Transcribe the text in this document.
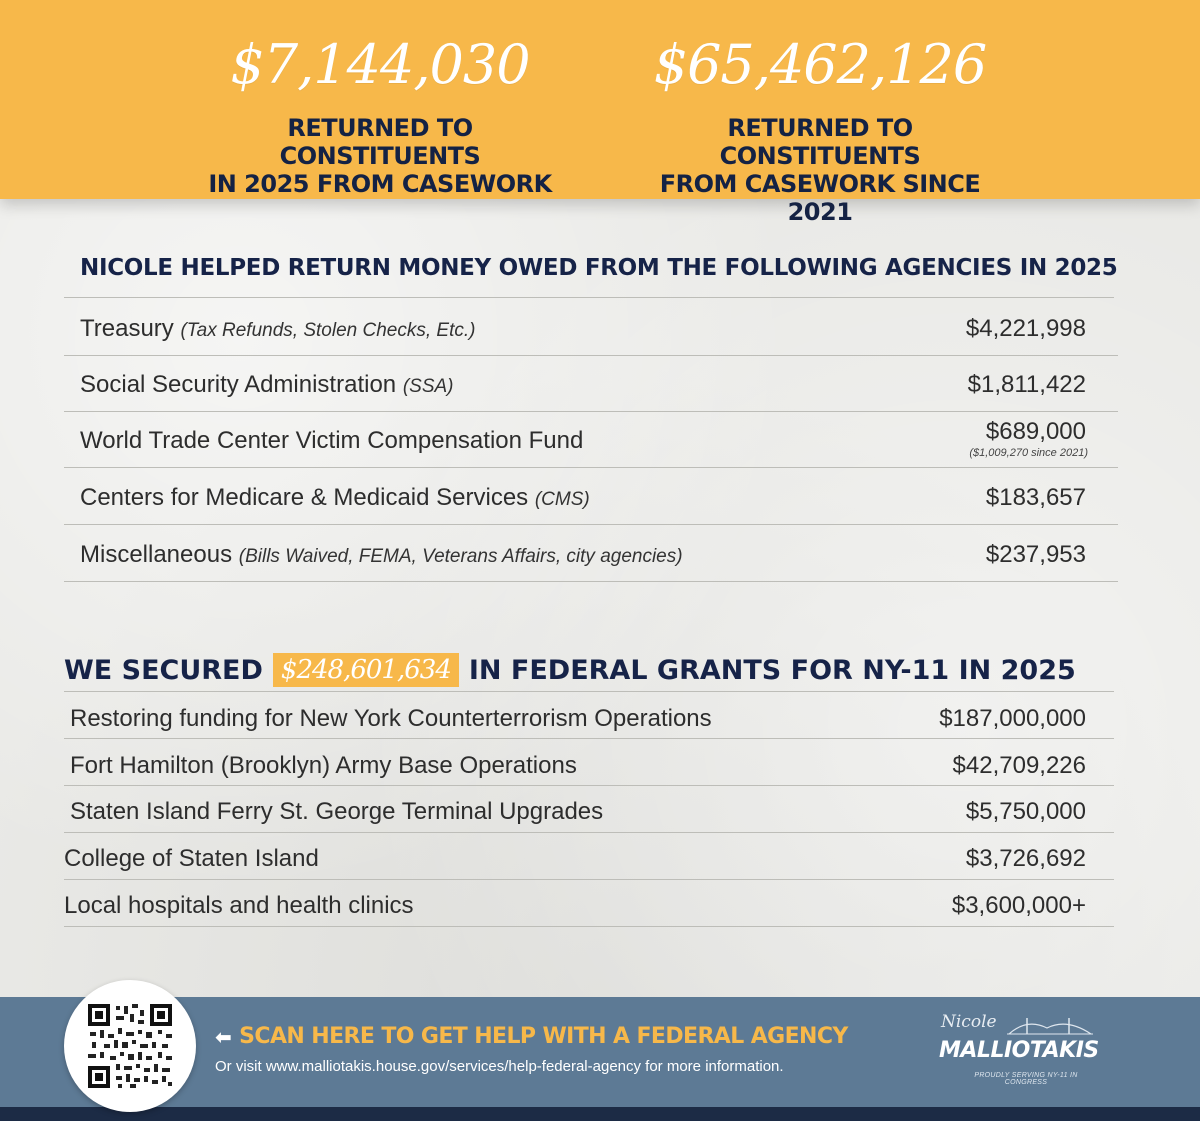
$7,144,030
RETURNED TO CONSTITUENTS
IN 2025 FROM CASEWORK
$65,462,126
RETURNED TO CONSTITUENTS
FROM CASEWORK SINCE 2021
NICOLE HELPED RETURN MONEY OWED FROM THE FOLLOWING AGENCIES IN 2025
Treasury (Tax Refunds, Stolen Checks, Etc.)	$4,221,998
Social Security Administration (SSA)	$1,811,422
World Trade Center Victim Compensation Fund	$689,000
($1,009,270 since 2021)
Centers for Medicare & Medicaid Services (CMS)	$183,657
Miscellaneous (Bills Waived, FEMA, Veterans Affairs, city agencies)	$237,953
WE SECURED $248,601,634 IN FEDERAL GRANTS FOR NY-11 IN 2025
Restoring funding for New York Counterterrorism Operations	$187,000,000
Fort Hamilton (Brooklyn) Army Base Operations	$42,709,226
Staten Island Ferry St. George Terminal Upgrades	$5,750,000
College of Staten Island	$3,726,692
Local hospitals and health clinics	$3,600,000+
⬅ SCAN HERE TO GET HELP WITH A FEDERAL AGENCY
Or visit www.malliotakis.house.gov/services/help-federal-agency for more information.
Nicole
MALLIOTAKIS
PROUDLY SERVING NY-11 IN CONGRESS
